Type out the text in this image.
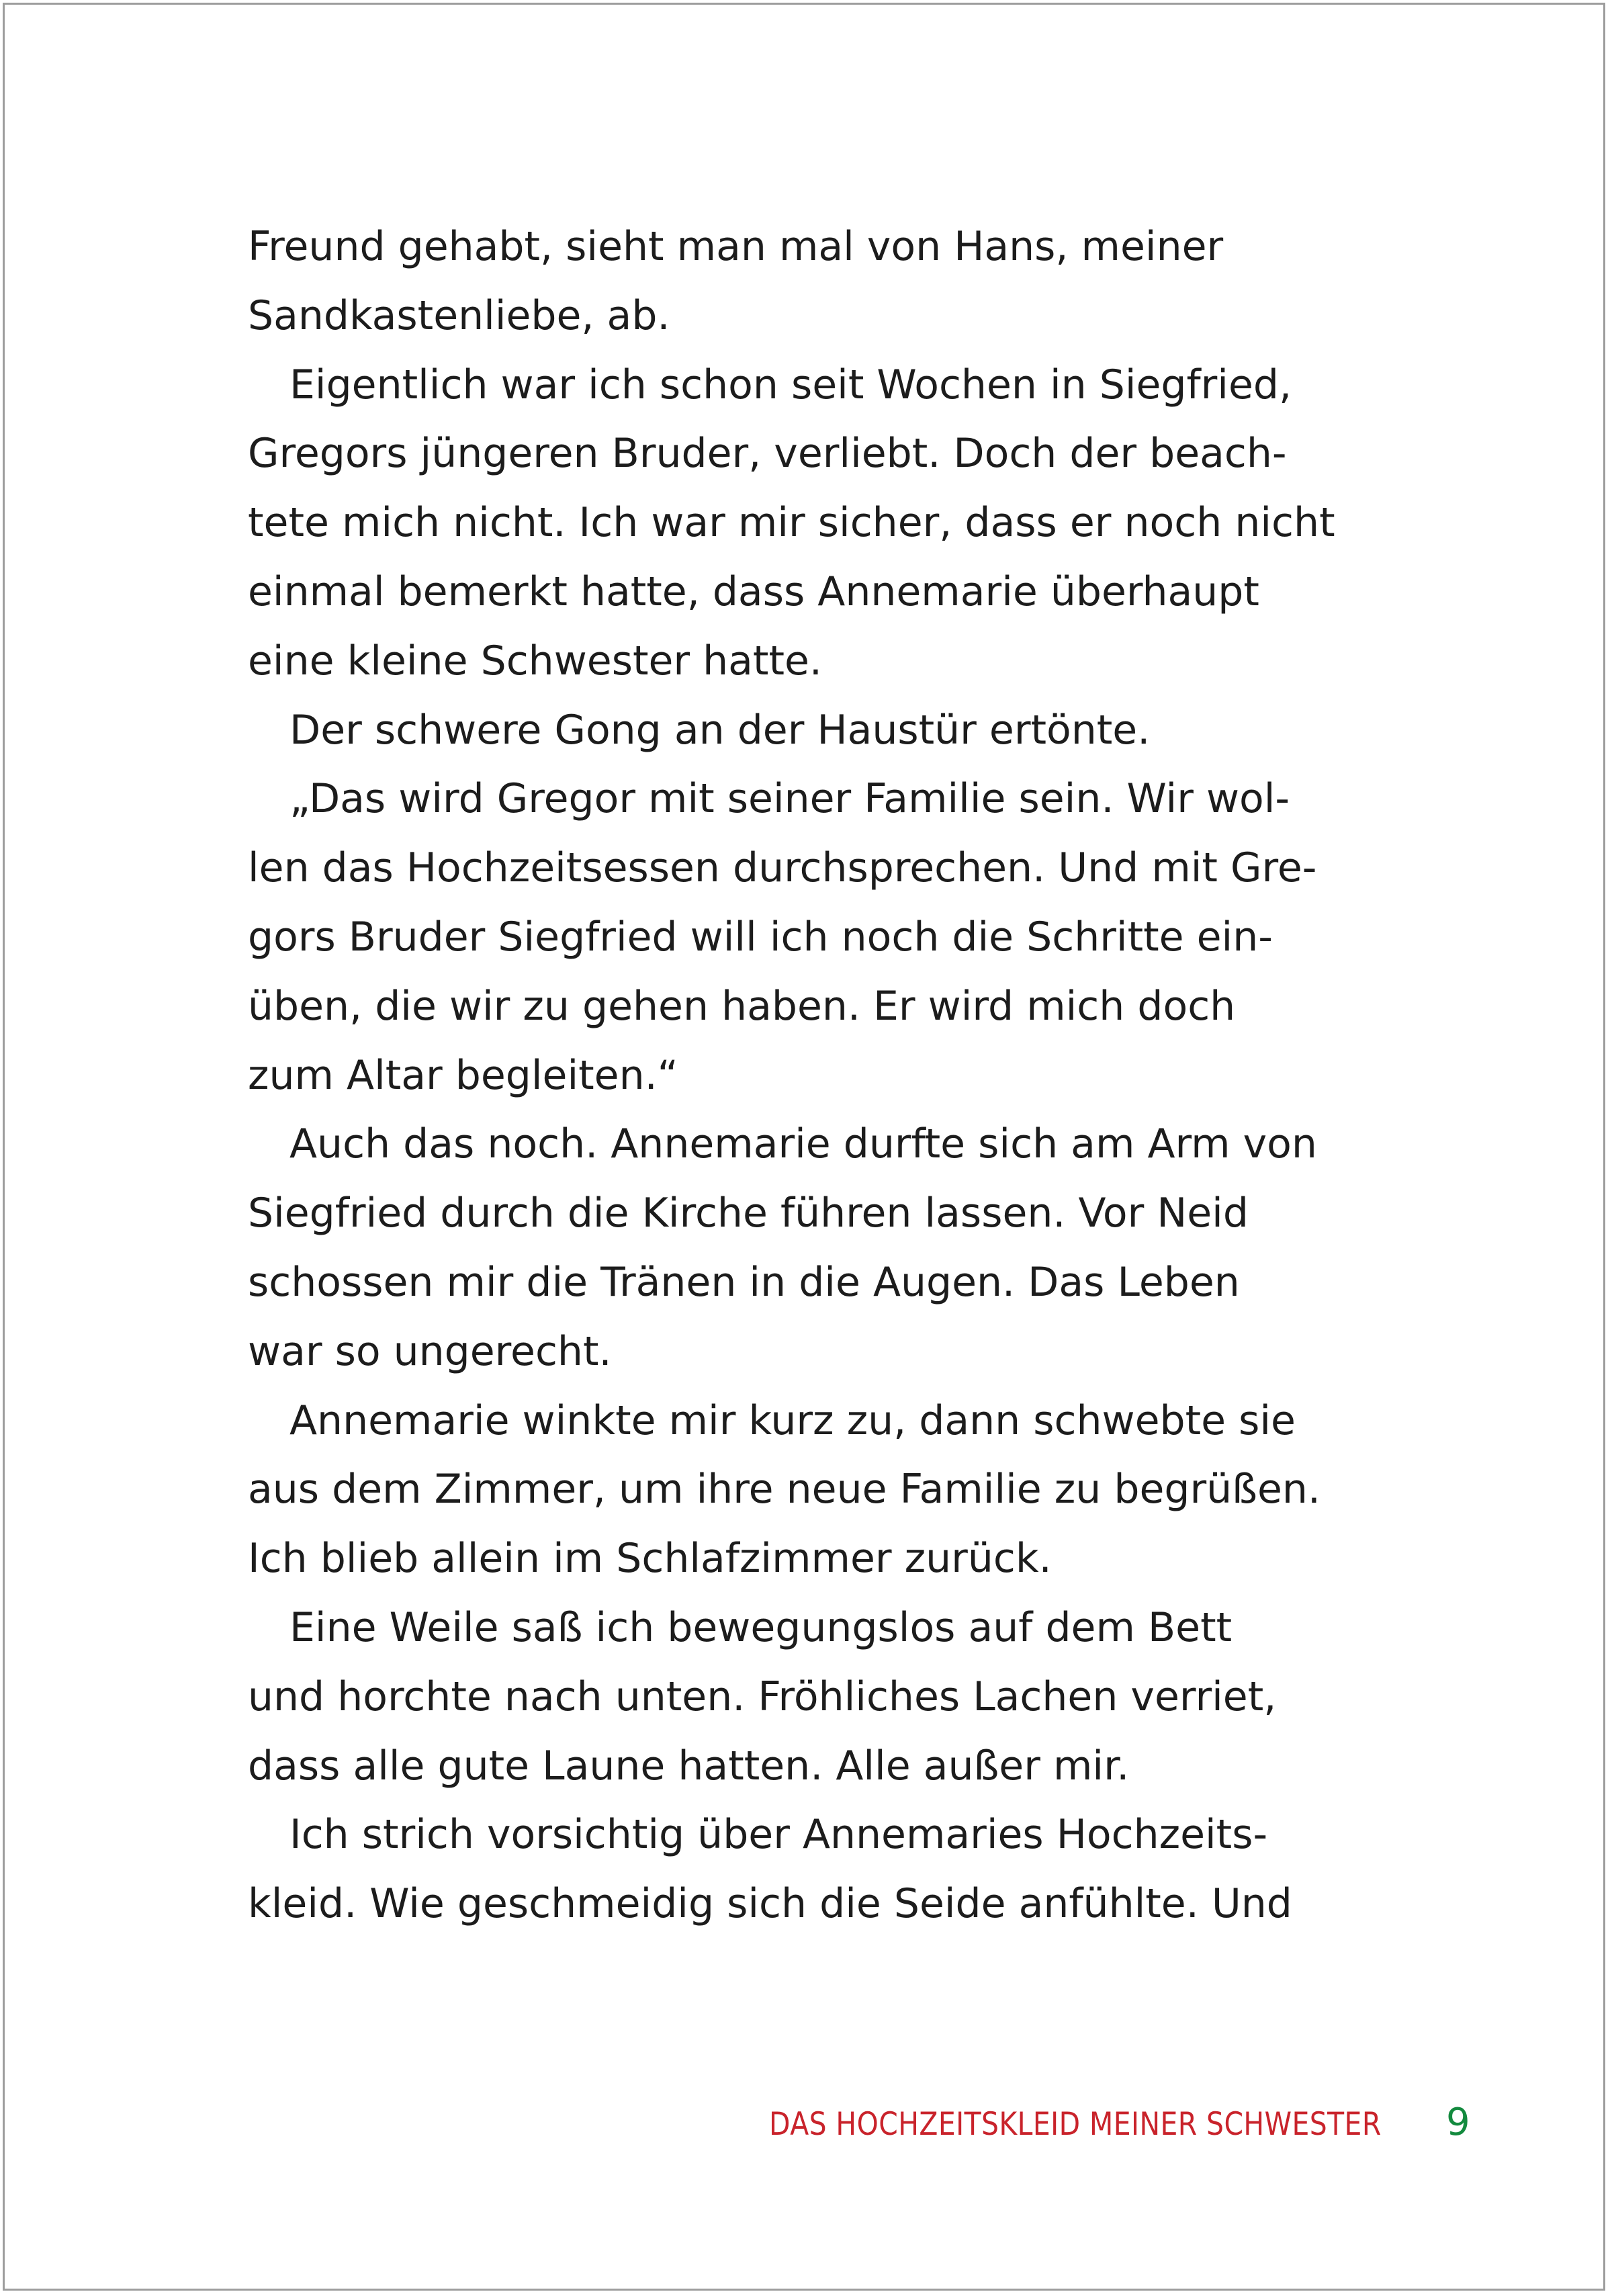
Freund gehabt, sieht man mal von Hans, meiner
Sandkastenliebe, ab.
Eigentlich war ich schon seit Wochen in Siegfried,
Gregors jüngeren Bruder, verliebt. Doch der beach-
tete mich nicht. Ich war mir sicher, dass er noch nicht
einmal bemerkt hatte, dass Annemarie überhaupt
eine kleine Schwester hatte.
Der schwere Gong an der Haustür ertönte.
„Das wird Gregor mit seiner Familie sein. Wir wol-
len das Hochzeitsessen durchsprechen. Und mit Gre-
gors Bruder Siegfried will ich noch die Schritte ein-
üben, die wir zu gehen haben. Er wird mich doch
zum Altar begleiten.“
Auch das noch. Annemarie durfte sich am Arm von
Siegfried durch die Kirche führen lassen. Vor Neid
schossen mir die Tränen in die Augen. Das Leben
war so ungerecht.
Annemarie winkte mir kurz zu, dann schwebte sie
aus dem Zimmer, um ihre neue Familie zu begrüßen.
Ich blieb allein im Schlafzimmer zurück.
Eine Weile saß ich bewegungslos auf dem Bett
und horchte nach unten. Fröhliches Lachen verriet,
dass alle gute Laune hatten. Alle außer mir.
Ich strich vorsichtig über Annemaries Hochzeits-
kleid. Wie geschmeidig sich die Seide anfühlte. Und
DAS HOCHZEITSKLEID MEINER SCHWESTER 9
